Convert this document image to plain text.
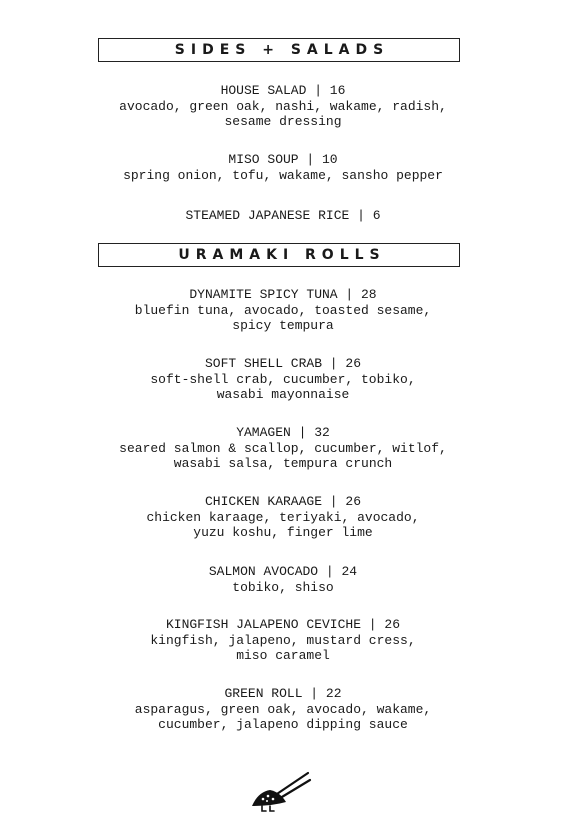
SIDES + SALADS
HOUSE SALAD | 16
avocado, green oak, nashi, wakame, radish,
sesame dressing
MISO SOUP | 10
spring onion, tofu, wakame, sansho pepper
STEAMED JAPANESE RICE | 6
URAMAKI ROLLS
DYNAMITE SPICY TUNA | 28
bluefin tuna, avocado, toasted sesame,
spicy tempura
SOFT SHELL CRAB | 26
soft-shell crab, cucumber, tobiko,
wasabi mayonnaise
YAMAGEN | 32
seared salmon & scallop, cucumber, witlof,
wasabi salsa, tempura crunch
CHICKEN KARAAGE | 26
chicken karaage, teriyaki, avocado,
yuzu koshu, finger lime
SALMON AVOCADO | 24
tobiko, shiso
KINGFISH JALAPENO CEVICHE | 26
kingfish, jalapeno, mustard cress,
miso caramel
GREEN ROLL | 22
asparagus, green oak, avocado, wakame,
cucumber, jalapeno dipping sauce
